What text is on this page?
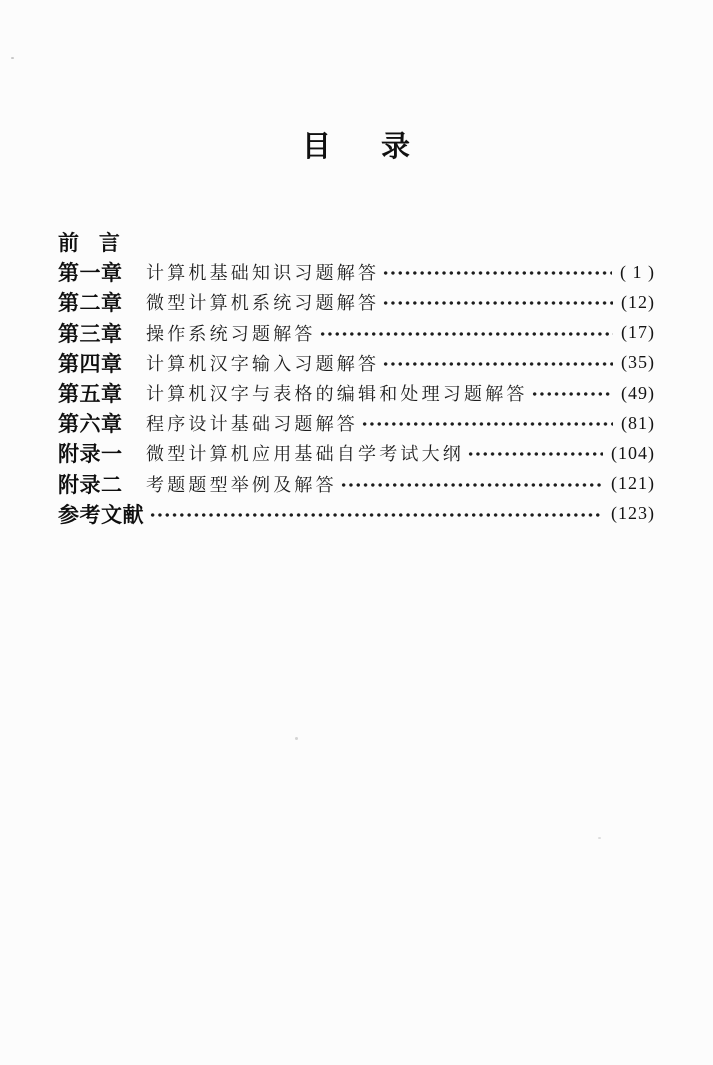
目 录
前 言
第一章	计算机基础知识习题解答	( 1 )
第二章	微型计算机系统习题解答	(12)
第三章	操作系统习题解答	(17)
第四章	计算机汉字输入习题解答	(35)
第五章	计算机汉字与表格的编辑和处理习题解答	(49)
第六章	程序设计基础习题解答	(81)
附录一	微型计算机应用基础自学考试大纲	(104)
附录二	考题题型举例及解答	(121)
参考文献	(123)
